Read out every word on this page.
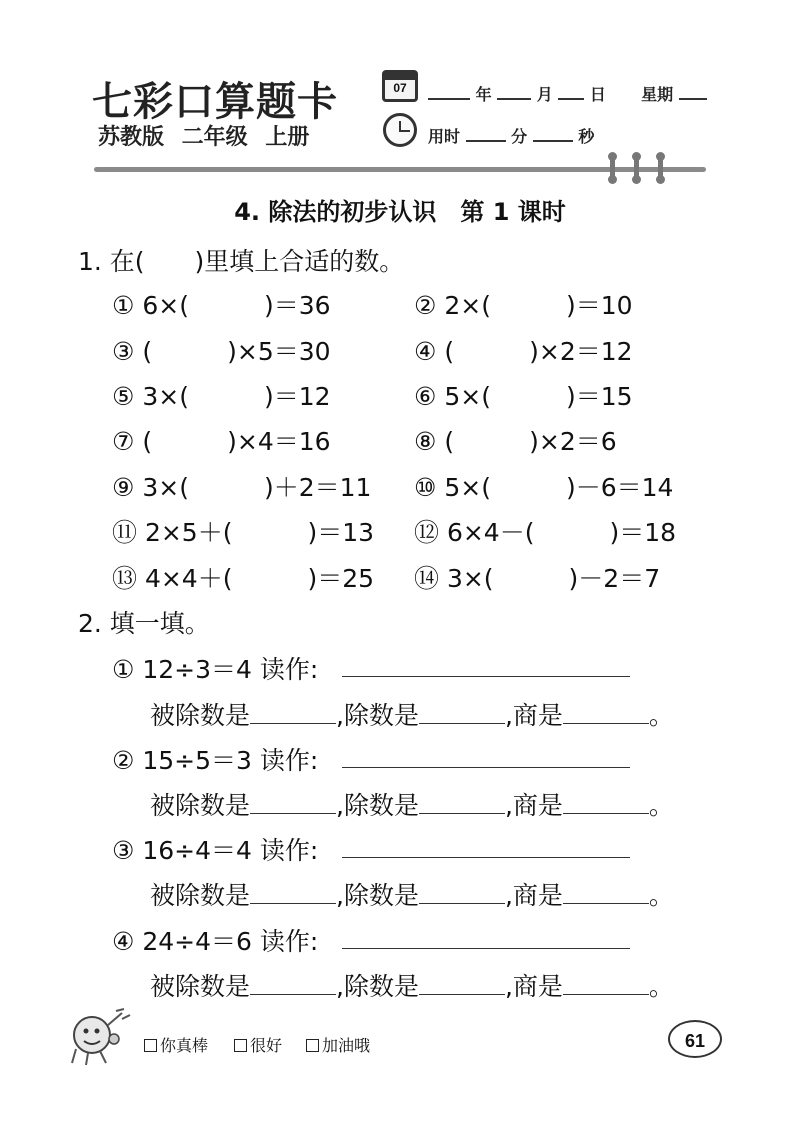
七彩口算题卡
苏教版 二年级 上册
07	年	月 日 星期
用时	分	秒
4. 除法的初步认识　第 1 课时
1. 在(　　)里填上合适的数。
① 6×(　　　)＝36	② 2×(　　　)＝10
③ (　　　)×5＝30	④ (　　　)×2＝12
⑤ 3×(　　　)＝12	⑥ 5×(　　　)＝15
⑦ (　　　)×4＝16	⑧ (　　　)×2＝6
⑨ 3×(　　　)＋2＝11 ⑩ 5×(　　　)－6＝14
⑪ 2×5＋(　　　)＝13 ⑫ 6×4－(　　　)＝18
⑬ 4×4＋(　　　)＝25 ⑭ 3×(　　　)－2＝7
2. 填一填。
① 12÷3＝4 读作:
被除数是	,除数是	,商是	。
② 15÷5＝3 读作:
被除数是	,除数是	,商是	。
③ 16÷4＝4 读作:
被除数是	,除数是	,商是	。
④ 24÷4＝6 读作:
被除数是	,除数是	,商是	。
你真棒	很好	加油哦	61
